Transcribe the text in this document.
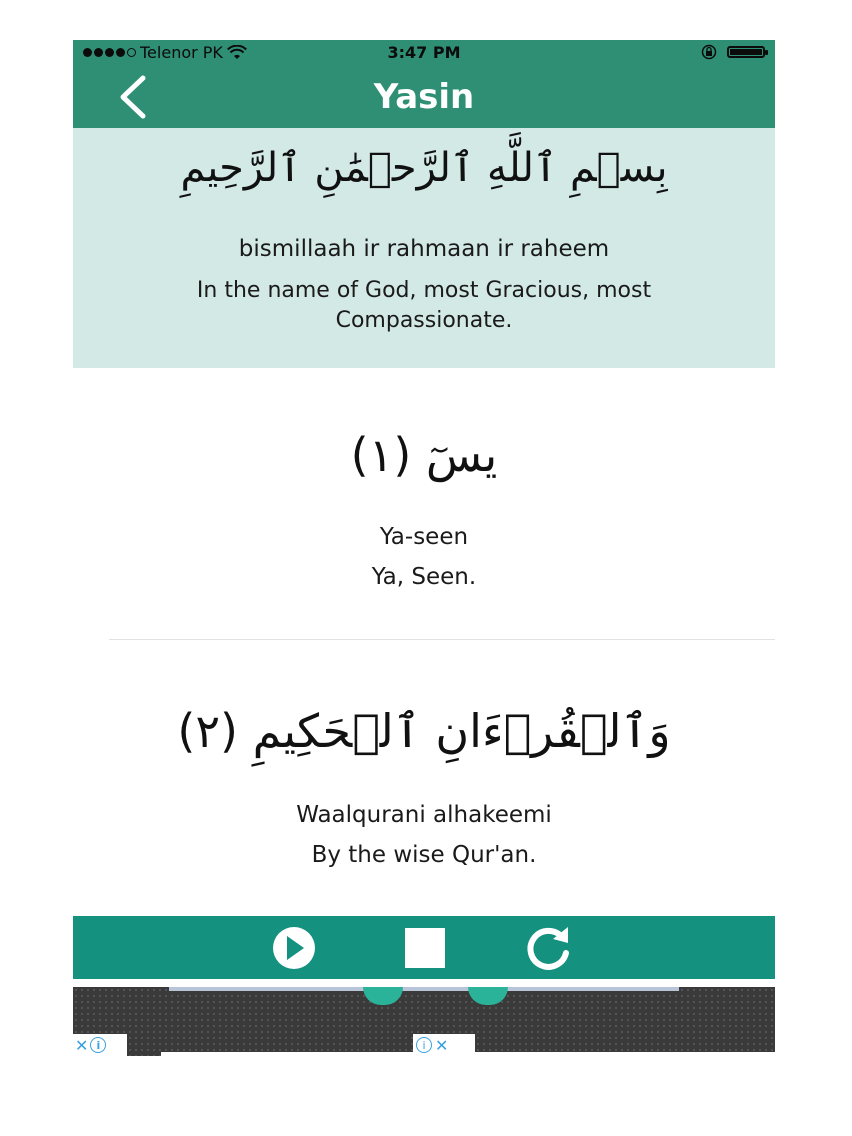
Telenor PK	3:47 PM
Yasin
بِسۡمِ ٱللَّهِ ٱلرَّحۡمَٰنِ ٱلرَّحِيمِ
bismillaah ir rahmaan ir raheem
In the name of God, most Gracious, most Compassionate.
يسٓ (١)
Ya-seen
Ya, Seen.
وَٱلۡقُرۡءَانِ ٱلۡحَكِيمِ (٢)
Waalqurani alhakeemi
By the wise Qur'an.
✕ i	i ✕
